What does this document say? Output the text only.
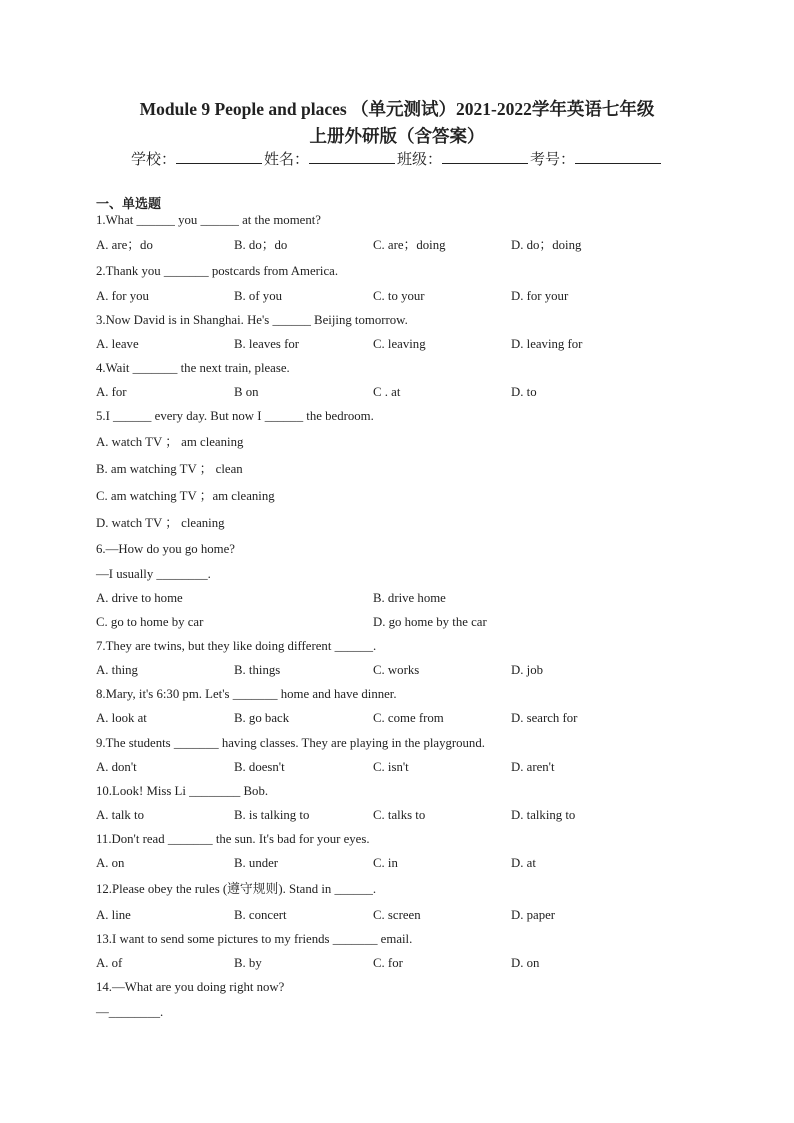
Module 9 People and places （单元测试）2021-2022学年英语七年级
上册外研版（含答案）
学校：	姓名：	班级：	考号：
一、单选题
1.What ______ you ______ at the moment?
A. are；do	B. do；do	C. are；doing	D. do；doing
2.Thank you _______ postcards from America.
A. for you	B. of you	C. to your	D. for your
3.Now David is in Shanghai. He's ______ Beijing tomorrow.
A. leave	B. leaves for	C. leaving	D. leaving for
4.Wait _______ the next train, please.
A. for	B on	C . at	D. to
5.I ______ every day. But now I ______ the bedroom.
A. watch TV ； am cleaning
B. am watching TV ； clean
C. am watching TV ；am cleaning
D. watch TV ； cleaning
6.—How do you go home?
—I usually ________.
A. drive to home	B. drive home
C. go to home by car	D. go home by the car
7.They are twins, but they like doing different ______.
A. thing	B. things	C. works	D. job
8.Mary, it's 6:30 pm. Let's _______ home and have dinner.
A. look at	B. go back	C. come from	D. search for
9.The students _______ having classes. They are playing in the playground.
A. don't	B. doesn't	C. isn't	D. aren't
10.Look! Miss Li ________ Bob.
A. talk to	B. is talking to	C. talks to	D. talking to
11.Don't read _______ the sun. It's bad for your eyes.
A. on	B. under	C. in	D. at
12.Please obey the rules (遵守规则). Stand in ______.
A. line	B. concert	C. screen	D. paper
13.I want to send some pictures to my friends _______ email.
A. of	B. by	C. for	D. on
14.—What are you doing right now?
—________.
